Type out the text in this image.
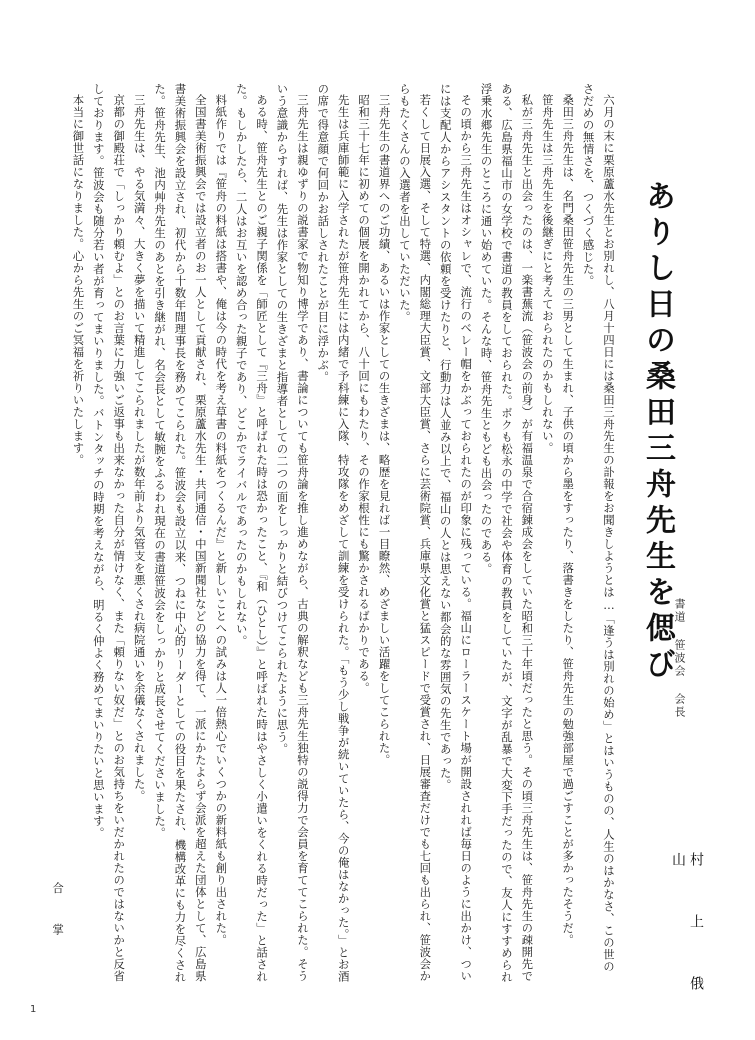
ありし日の桑田三舟先生を偲び
書道 笹波会 会長
村 上 俄 山

六月の末に栗原蘆水先生とお別れし、八月十四日には桑田三舟先生の訃報をお聞きしようとは…「逢うは別れの始め」とはいうものの、人生のはかなさ、この世のさだめの無情さを、つくづく感じた。

桑田三舟先生は、名門桑田笹舟先生の三男として生まれ、子供の頃から墨をすったり、落書きをしたり、笹舟先生の勉強部屋で過ごすことが多かったそうだ。

笹舟先生は三舟先生を後継ぎにと考えておられたのかもしれない。

私が三舟先生と出会ったのは、一楽書蕪流（笹波会の前身）が有福温泉で合宿錬成会をしていた昭和三十年頃だったと思う。その頃三舟先生は、笹舟先生の疎開先である、広島県福山市の女学校で書道の教員をしておられた。ボクも松永の中学で社会や体育の教員をしていたが、文字が乱暴で大変下手だったので、友人にすすめられ浮乗水郷先生のところに通い始めていた。そんな時、笹舟先生ともども出会ったのである。

その頃から三舟先生はオシャレで、流行のベレー帽をかぶっておられたのが印象に残っている。福山にローラースケート場が開設されれば毎日のように出かけ、ついには支配人からアシスタントの依頼を受けたりと、行動力は人並み以上で、福山の人とは思えない都会的な雰囲気の先生であった。

若くして日展入選、そして特選、内閣総理大臣賞、文部大臣賞、さらに芸術院賞、兵庫県文化賞と猛スピードで受賞され、日展審査だけでも七回も出られ、笹波会からもたくさんの入選者を出していただいた。

三舟先生の書道界へのご功績、あるいは作家としての生きざまは、略歴を見れば一目瞭然、めざましい活躍をしてこられた。

昭和三十七年に初めての個展を開かれてから、八十回にもわたり、その作家根性にも驚かされるばかりである。

先生は兵庫師範に入学されたが笹舟先生には内緒で予科練に入隊、特攻隊をめざして訓練を受けられた。「もう少し戦争が続いていたら、今の俺はなかった。」とお酒の席で得意顔で何回かお話しされたことが目に浮かぶ。

三舟先生は親ゆずりの説書家で物知り博学であり、書論についても笹舟論を推し進めながら、古典の解釈なども三舟先生独特の説得力で会員を育ててこられた。そういう意識からすれば、先生は作家としての生きざまと指導者としての二つの面をしっかりと結びつけてこられたように思う。

ある時、笹舟先生とのご親子関係を「師匠として『三舟』と呼ばれた時は恐かったこと、『和（ひとし）』と呼ばれた時はやさしく小遣いをくれる時だった」と話された。もしかしたら、二人はお互いを認め合った親子であり、どこかでライバルであったのかもしれない。

料紙作りでは『笹舟の料紙は搭書や、俺は今の時代を考え草書の料紙をつくるんだ』と新しいことへの試みは人一倍熱心でいくつかの新料紙も創り出された。

全国書美術振興会では設立者のお一人として貢献され、栗原蘆水先生・共同通信・中国新聞社などの協力を得て、一派にかたよらず会派を超えた団体として、広島県書美術振興会を設立され、初代から十数年間理事長を務めてこられた。笹波会も設立以来、つねに中心的リーダーとしての役目を果たされ、機構改革にも力を尽くされた。笹舟先生、池内艸舟先生のあとを引き継がれ、名会長として敏腕をふるわれ現在の書道笹波会をしっかりと成長させてくださいました。

三舟先生は、やる気満々、大きく夢を描いて精進してこられましたが数年前より気管支を悪くされ病院通いを余儀なくされました。

京都の御殿荘で「しっかり頼むよ」とのお言葉に力強いご返事も出来なかった自分が情けなく、また「頼りない奴だ」とのお気持ちをいだかれたのではないかと反省しております。笹波会も随分若い者が育ってまいりました。バトンタッチの時期を考えながら、明るく仲よく務めてまいりたいと思います。

本当に御世話になりました。心から先生のご冥福を祈りいたします。

合 掌

1
